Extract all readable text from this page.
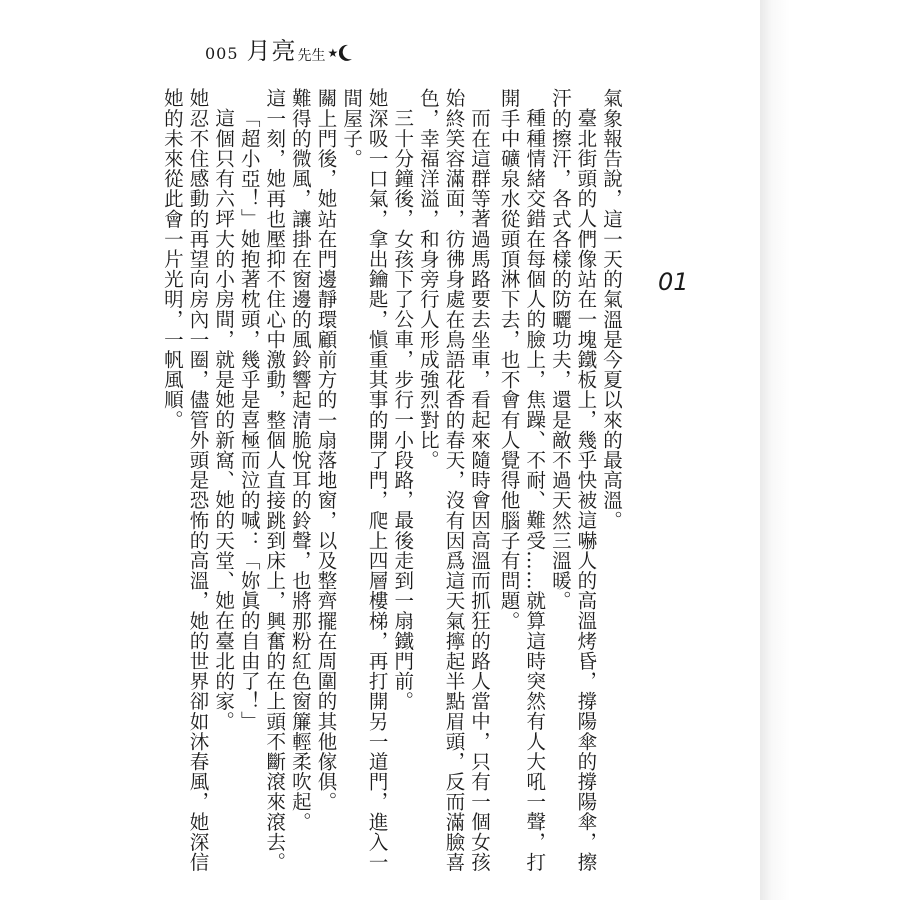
005 月亮 先生 ★
01

氣象報告說，這一天的氣溫是今夏以來的最高溫。

臺北街頭的人們像站在一塊鐵板上，幾乎快被這嚇人的高溫烤昏，撐陽傘的撐陽傘，擦汗的擦汗，各式各樣的防曬功夫，還是敵不過天然三溫暖。

種種情緒交錯在每個人的臉上，焦躁、不耐、難受……就算這時突然有人大吼一聲，打開手中礦泉水從頭頂淋下去，也不會有人覺得他腦子有問題。

而在這群等著過馬路要去坐車，看起來隨時會因高溫而抓狂的路人當中，只有一個女孩始終笑容滿面，彷彿身處在鳥語花香的春天，沒有因爲這天氣擰起半點眉頭，反而滿臉喜色，幸福洋溢，和身旁行人形成強烈對比。

三十分鐘後，女孩下了公車，步行一小段路，最後走到一扇鐵門前。

她深吸一口氣，拿出鑰匙，愼重其事的開了門，爬上四層樓梯，再打開另一道門，進入一間屋子。

關上門後，她站在門邊靜環顧前方的一扇落地窗，以及整齊擺在周圍的其他傢俱。

難得的微風，讓掛在窗邊的風鈴響起清脆悅耳的鈴聲，也將那粉紅色窗簾輕柔吹起。

這一刻，她再也壓抑不住心中激動，整個人直接跳到床上，興奮的在上頭不斷滾來滾去。

「超小亞！」她抱著枕頭，幾乎是喜極而泣的喊：「妳眞的自由了！」

這個只有六坪大的小房間，就是她的新窩、她的天堂、她在臺北的家。

她忍不住感動的再望向房內一圈，儘管外頭是恐怖的高溫，她的世界卻如沐春風，她深信她的未來從此會一片光明，一帆風順。
